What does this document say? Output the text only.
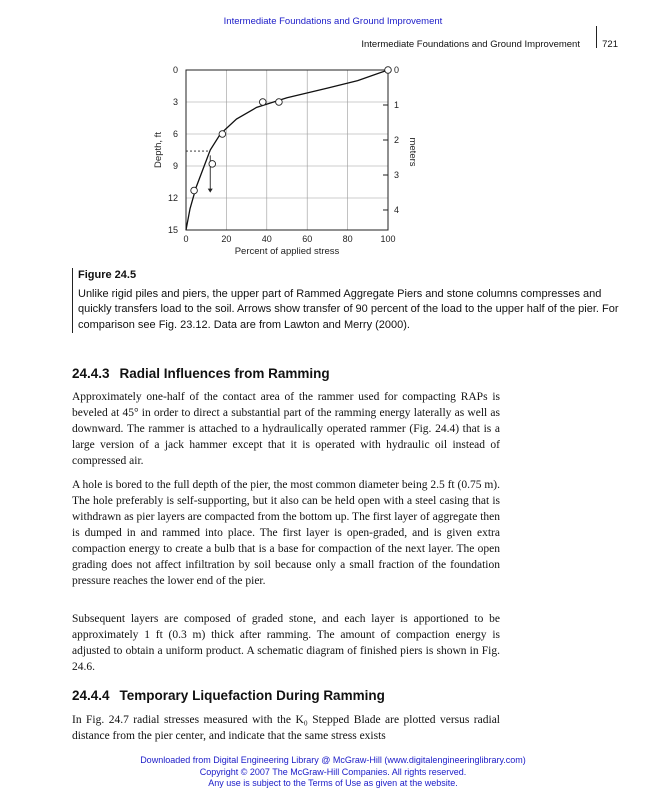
Intermediate Foundations and Ground Improvement
Intermediate Foundations and Ground Improvement 721
0	20	40	60	80	100
0
3
6
9
12
15
0
1
2
3
4
Percent of applied stress
Depth, ft	meters
Figure 24.5
Unlike rigid piles and piers, the upper part of Rammed Aggregate Piers and stone columns compresses and quickly transfers load to the soil. Arrows show transfer of 90 percent of the load to the upper half of the pier. For comparison see Fig. 23.12. Data are from Lawton and Merry (2000).
24.4.3 Radial Influences from Ramming

Approximately one-half of the contact area of the rammer used for compacting RAPs is beveled at 45° in order to direct a substantial part of the ramming energy laterally as well as downward. The rammer is attached to a hydraulically operated rammer (Fig. 24.4) that is a large version of a jack hammer except that it is operated with hydraulic oil instead of compressed air.

A hole is bored to the full depth of the pier, the most common diameter being 2.5 ft (0.75 m). The hole preferably is self-supporting, but it also can be held open with a steel casing that is withdrawn as pier layers are compacted from the bottom up. The first layer of aggregate then is dumped in and rammed into place. The first layer is open-graded, and is given extra compaction energy to create a bulb that is a base for compaction of the next layer. The open grading does not affect infiltration by soil because only a small fraction of the foundation pressure reaches the lower end of the pier.

Subsequent layers are composed of graded stone, and each layer is apportioned to be approximately 1 ft (0.3 m) thick after ramming. The amount of compaction energy is adjusted to obtain a uniform product. A schematic diagram of finished piers is shown in Fig. 24.6.

24.4.4 Temporary Liquefaction During Ramming

In Fig. 24.7 radial stresses measured with the K₀ Stepped Blade are plotted versus radial distance from the pier center, and indicate that the same stress exists

Downloaded from Digital Engineering Library @ McGraw-Hill (www.digitalengineeringlibrary.com)
Copyright © 2007 The McGraw-Hill Companies. All rights reserved.
Any use is subject to the Terms of Use as given at the website.
